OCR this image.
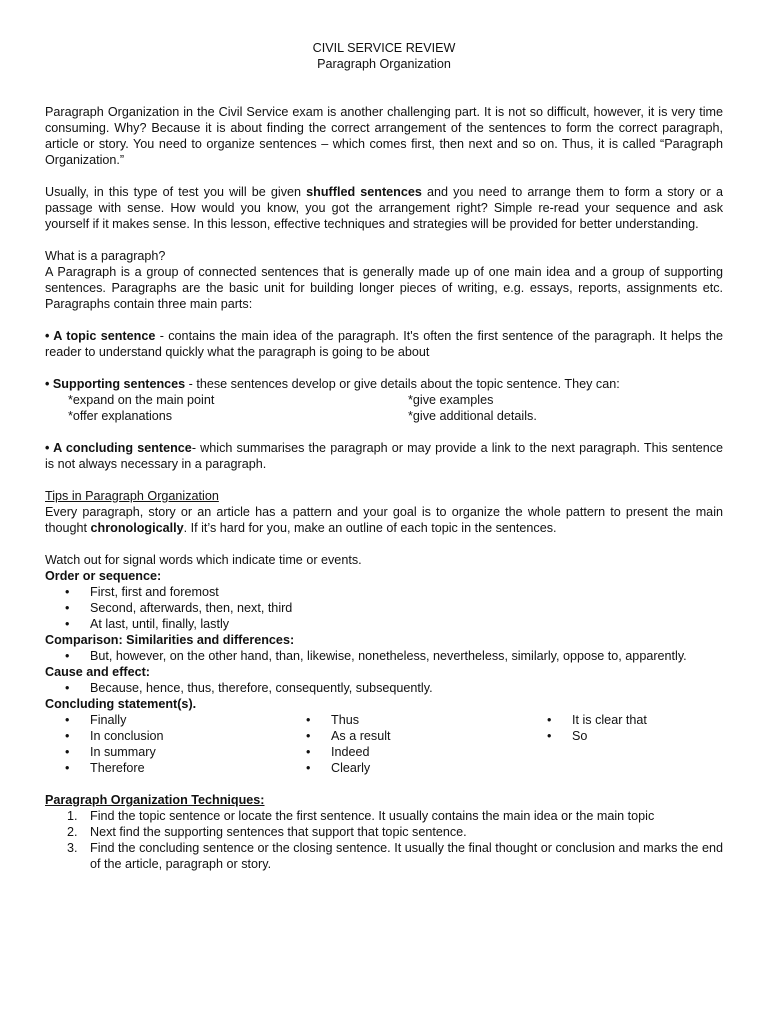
CIVIL SERVICE REVIEW

Paragraph Organization

Paragraph Organization in the Civil Service exam is another challenging part. It is not so difficult, however, it is very time consuming. Why? Because it is about finding the correct arrangement of the sentences to form the correct paragraph, article or story. You need to organize sentences – which comes first, then next and so on. Thus, it is called “Paragraph Organization.”

Usually, in this type of test you will be given shuffled sentences and you need to arrange them to form a story or a passage with sense. How would you know, you got the arrangement right? Simple re-read your sequence and ask yourself if it makes sense. In this lesson, effective techniques and strategies will be provided for better understanding.

What is a paragraph?

A Paragraph is a group of connected sentences that is generally made up of one main idea and a group of supporting sentences. Paragraphs are the basic unit for building longer pieces of writing, e.g. essays, reports, assignments etc. Paragraphs contain three main parts:

• A topic sentence - contains the main idea of the paragraph. It's often the first sentence of the paragraph. It helps the reader to understand quickly what the paragraph is going to be about

• Supporting sentences - these sentences develop or give details about the topic sentence. They can:

*expand on the main point	*give examples
*offer explanations	*give additional details.

• A concluding sentence- which summarises the paragraph or may provide a link to the next paragraph. This sentence is not always necessary in a paragraph.

Tips in Paragraph Organization

Every paragraph, story or an article has a pattern and your goal is to organize the whole pattern to present the main thought chronologically. If it’s hard for you, make an outline of each topic in the sentences.

Watch out for signal words which indicate time or events.

Order or sequence:

• First, first and foremost
• Second, afterwards, then, next, third
• At last, until, finally, lastly

Comparison: Similarities and differences:

• But, however, on the other hand, than, likewise, nonetheless, nevertheless, similarly, oppose to, apparently.

Cause and effect:

• Because, hence, thus, therefore, consequently, subsequently.

Concluding statement(s).

• Finally
• In conclusion
• In summary
• Therefore
• Thus
• As a result
• Indeed
• Clearly
• It is clear that
• So

Paragraph Organization Techniques:

1. Find the topic sentence or locate the first sentence. It usually contains the main idea or the main topic
2. Next find the supporting sentences that support that topic sentence.
3. Find the concluding sentence or the closing sentence. It usually the final thought or conclusion and marks the end of the article, paragraph or story.
